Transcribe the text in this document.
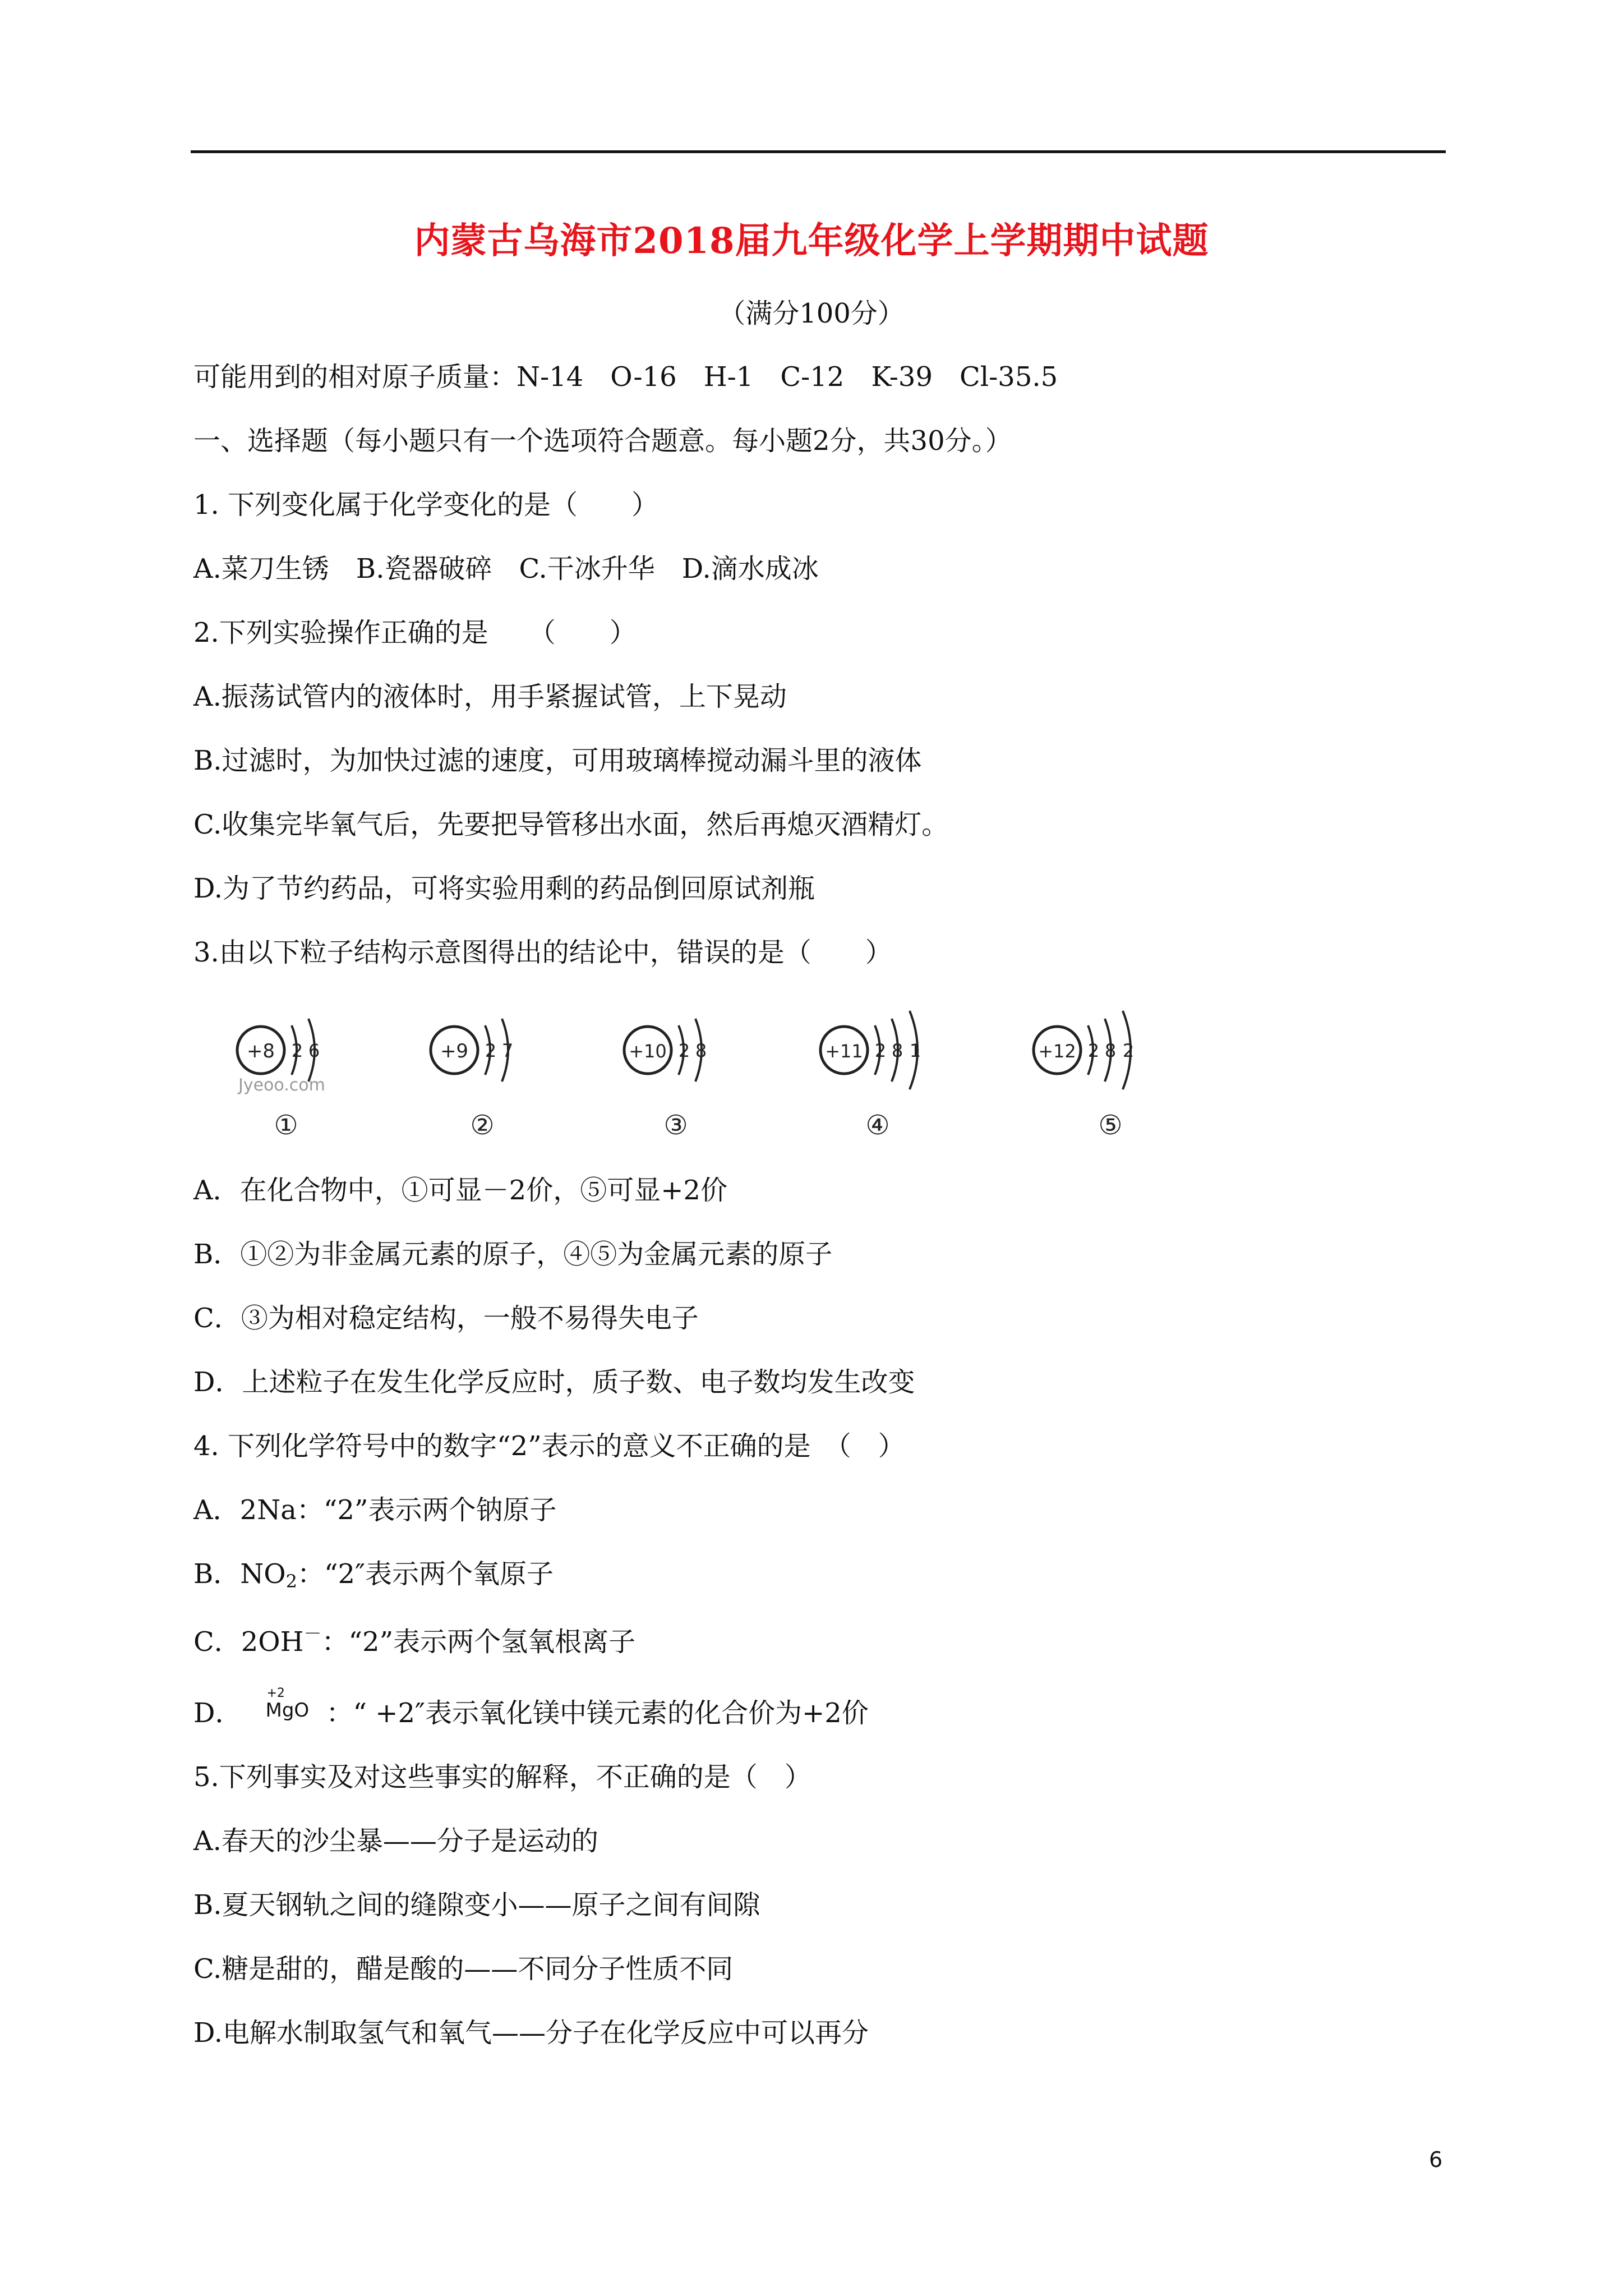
内蒙古乌海市2018届九年级化学上学期期中试题
（满分100分）
可能用到的相对原子质量：N-14　O-16　H-1　C-12　K-39　Cl-35.5
一、选择题（每小题只有一个选项符合题意。每小题2分，共30分。）
1. 下列变化属于化学变化的是（　　）
A.菜刀生锈　B.瓷器破碎　C.干冰升华　D.滴水成冰
2.下列实验操作正确的是　　（　　）
A.振荡试管内的液体时，用手紧握试管，上下晃动
B.过滤时，为加快过滤的速度，可用玻璃棒搅动漏斗里的液体
C.收集完毕氧气后，先要把导管移出水面，然后再熄灭酒精灯。
D.为了节约药品，可将实验用剩的药品倒回原试剂瓶
3.由以下粒子结构示意图得出的结论中，错误的是（　　）
+8 2 6
Jyeoo.com
①
+9 2 7
②
+10 2 8
③
+11 2 8 1
④
+12 2 8 2
⑤
A．在化合物中，①可显－2价，⑤可显+2价
B．①②为非金属元素的原子，④⑤为金属元素的原子
C．③为相对稳定结构，一般不易得失电子
D．上述粒子在发生化学反应时，质子数、电子数均发生改变
4. 下列化学符号中的数字“2”表示的意义不正确的是　（　）
A．2Na：“2”表示两个钠原子
B．$NO_2$：“2″表示两个氧原子
C．2OH－：“2”表示两个氢氧根离子
D．
+2
MgO ：“ +2″表示氧化镁中镁元素的化合价为+2价
5.下列事实及对这些事实的解释，不正确的是（　）
A.春天的沙尘暴——分子是运动的
B.夏天钢轨之间的缝隙变小——原子之间有间隙
C.糖是甜的，醋是酸的——不同分子性质不同
D.电解水制取氢气和氧气——分子在化学反应中可以再分
6
